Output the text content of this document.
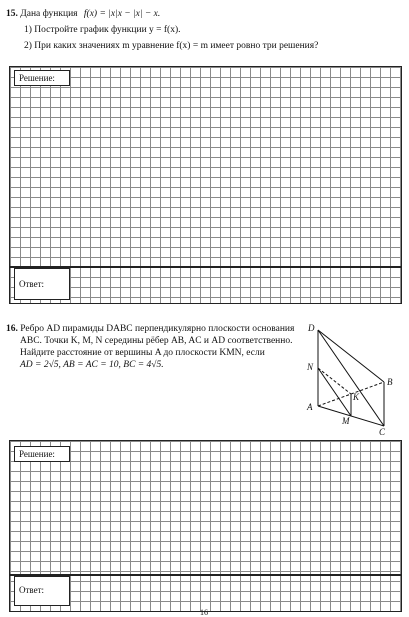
15. Дана функция f(x) = |x|x − |x| − x.
1) Постройте график функции y = f(x).
2) При каких значениях m уравнение f(x) = m имеет ровно три решения?
Решение:
Ответ:
16. Ребро AD пирамиды DABC перпендикулярно плоскости основания
ABC. Точки K, M, N середины рёбер AB, AC и AD соответственно.
Найдите расстояние от вершины A до плоскости KMN, если
AD = 2√5, AB = AC = 10, BC = 4√5.
D
N
B
K
A
M
C
Решение:
Ответ:
16
